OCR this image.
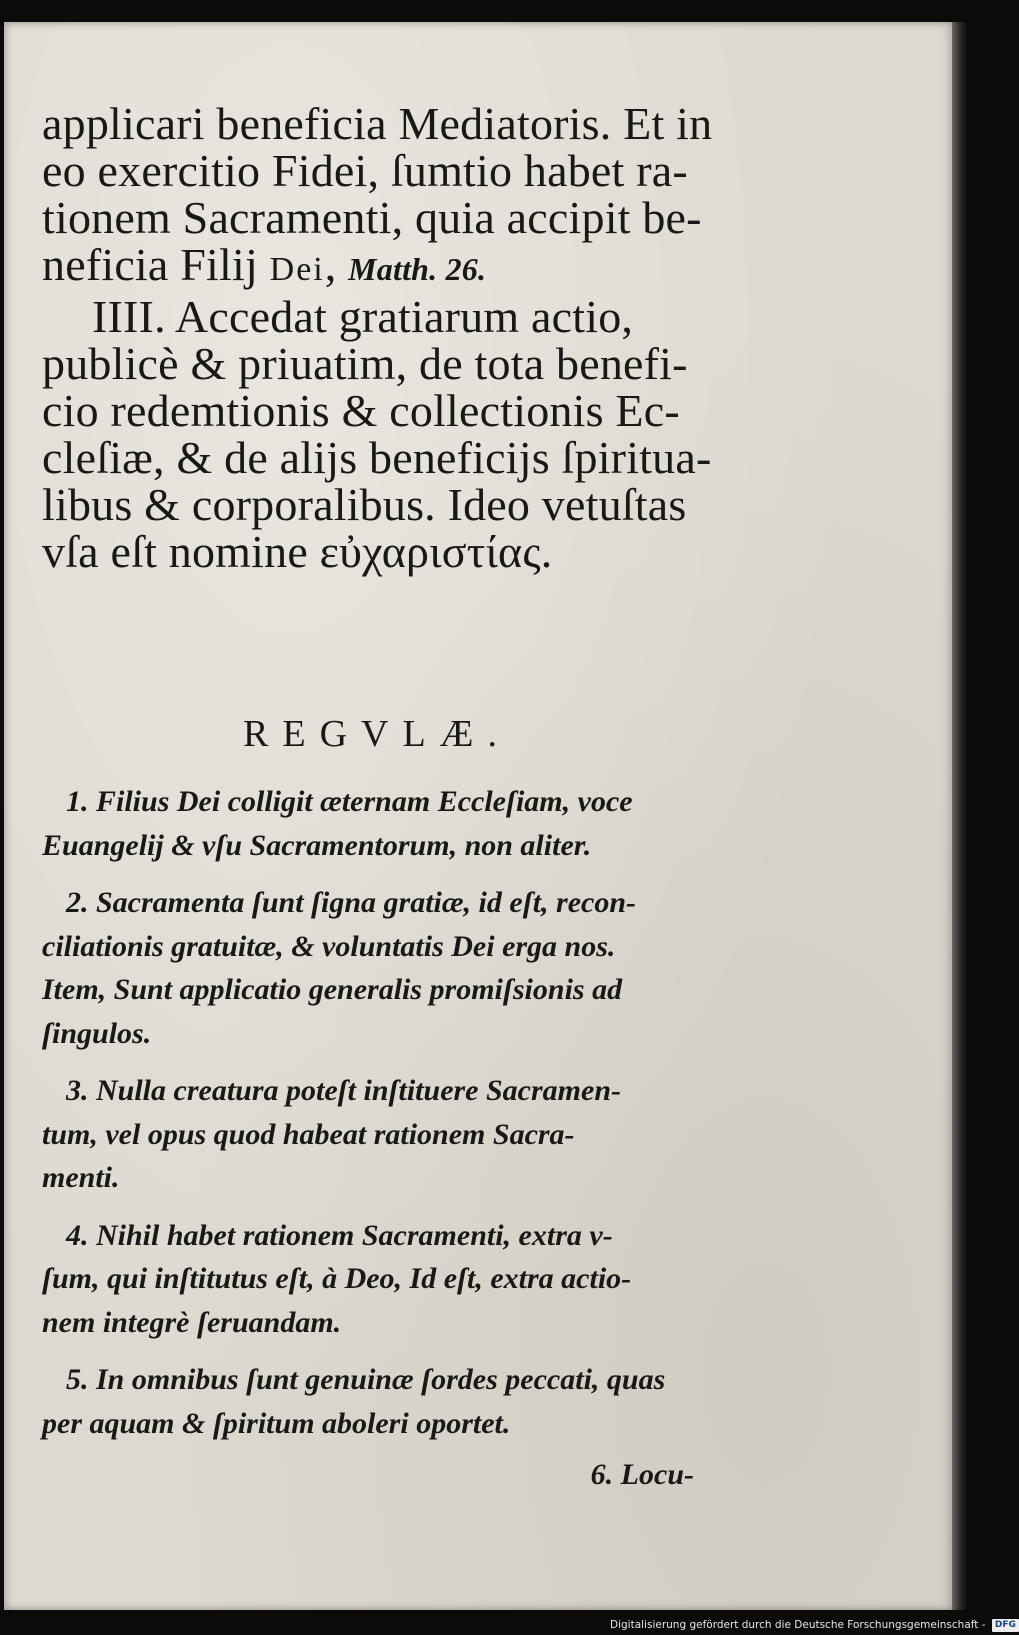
applicari beneficia Mediatoris. Et in
eo exercitio Fidei, ſumtio habet ra-
tionem Sacramenti, quia accipit be-
neficia Filij Dei, Matth. 26.

IIII. Accedat gratiarum actio,
publicè & priuatim, de tota benefi-
cio redemtionis & collectionis Ec-
cleſiæ, & de alijs beneficijs ſpiritua-
libus & corporalibus. Ideo vetuſtas
vſa eſt nomine εὐχαριστίας.

REGVLÆ.

1. Filius Dei colligit æternam Eccleſiam, voce
Euangelij & vſu Sacramentorum, non aliter.

2. Sacramenta ſunt ſigna gratiæ, id eſt, recon-
ciliationis gratuitæ, & voluntatis Dei erga nos.
Item, Sunt applicatio generalis promiſsionis ad
ſingulos.

3. Nulla creatura poteſt inſtituere Sacramen-
tum, vel opus quod habeat rationem Sacra-
menti.

4. Nihil habet rationem Sacramenti, extra v-
ſum, qui inſtitutus eſt, à Deo, Id eſt, extra actio-
nem integrè ſeruandam.

5. In omnibus ſunt genuinæ ſordes peccati, quas
per aquam & ſpiritum aboleri oportet.

6. Locu-
Digitalisierung gefördert durch die Deutsche Forschungsgemeinschaft - DFG
